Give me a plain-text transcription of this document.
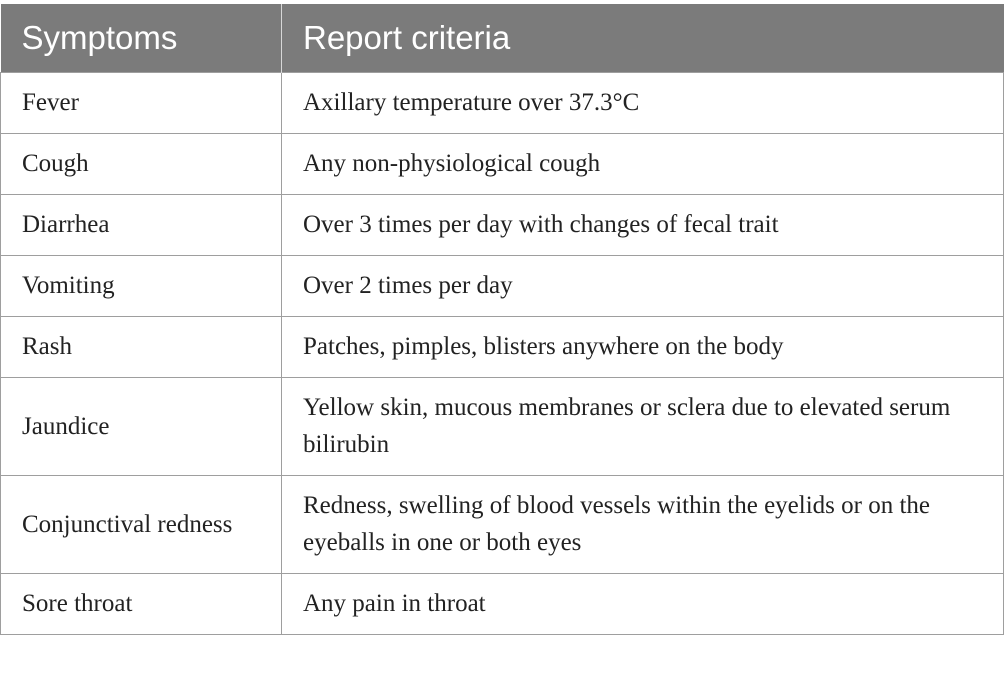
Symptoms	Report criteria
Fever	Axillary temperature over 37.3°C
Cough	Any non-physiological cough
Diarrhea	Over 3 times per day with changes of fecal trait
Vomiting	Over 2 times per day
Rash	Patches, pimples, blisters anywhere on the body
Jaundice	Yellow skin, mucous membranes or sclera due to elevated serum bilirubin
Conjunctival redness	Redness, swelling of blood vessels within the eyelids or on the eyeballs in one or both eyes
Sore throat	Any pain in throat
